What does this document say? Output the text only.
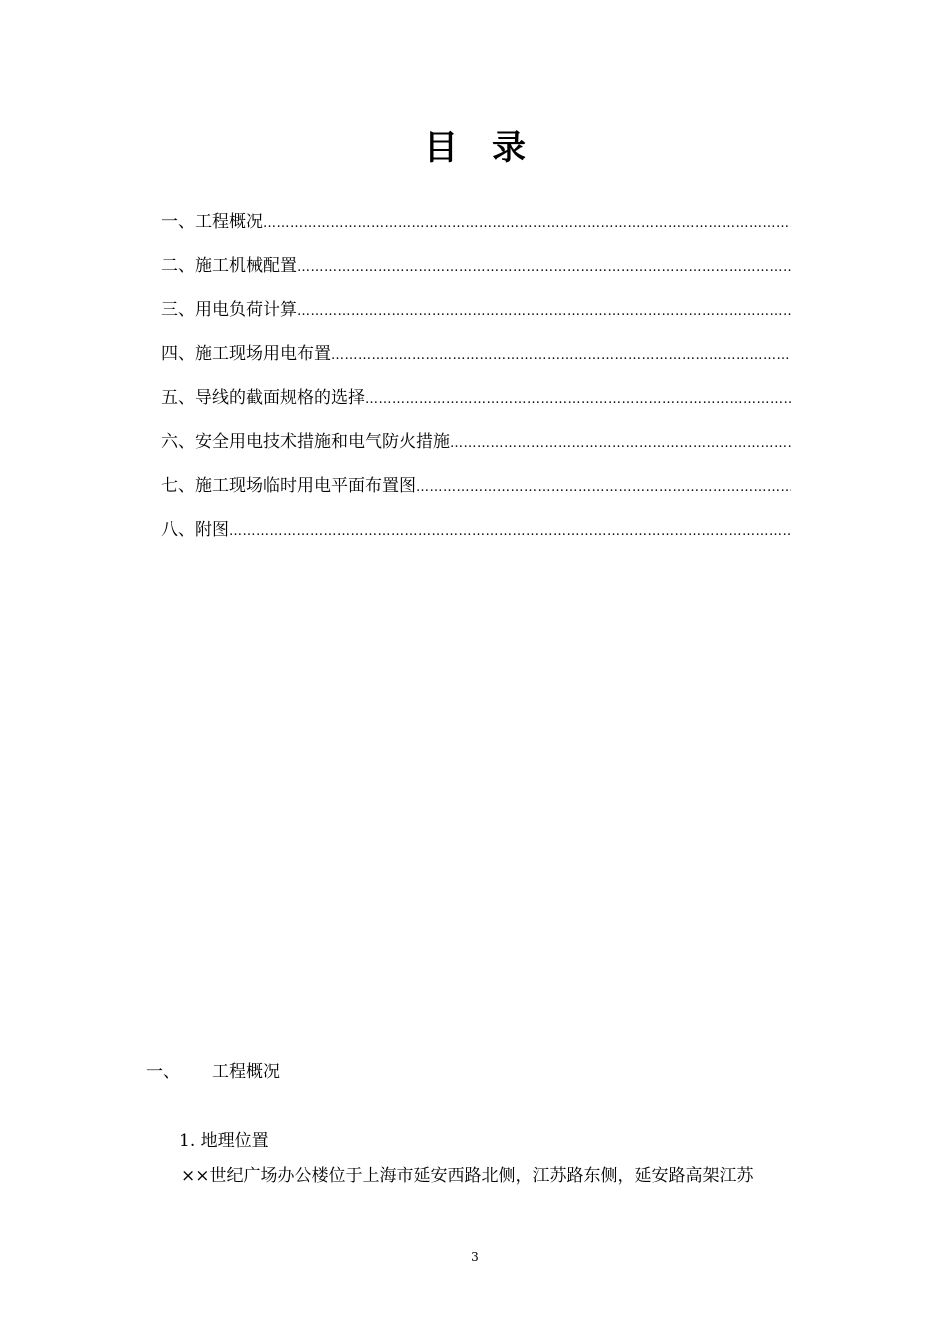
目录
一、工程概况
……………………………………………………………………………………………………………………………………………………………………
二、施工机械配置
……………………………………………………………………………………………………………………………………………………………………
三、用电负荷计算
……………………………………………………………………………………………………………………………………………………………………
四、施工现场用电布置
……………………………………………………………………………………………………………………………………………………………………
五、导线的截面规格的选择
……………………………………………………………………………………………………………………………………………………………………
六、安全用电技术措施和电气防火措施
……………………………………………………………………………………………………………………………………………………………………
七、施工现场临时用电平面布置图
……………………………………………………………………………………………………………………………………………………………………
八、附图
……………………………………………………………………………………………………………………………………………………………………
一、	工程概况
1. 地理位置
××世纪广场办公楼位于上海市延安西路北侧，江苏路东侧，延安路高架江苏
3
